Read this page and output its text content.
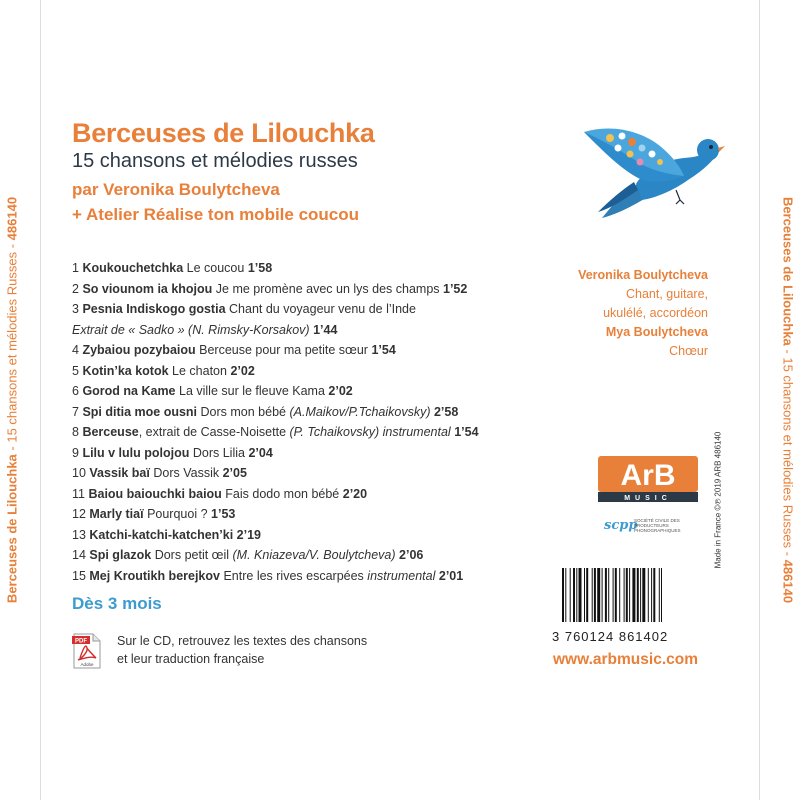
Berceuses de Lilouchka - 15 chansons et mélodies Russes - 486140	Berceuses de Lilouchka - 15 chansons et mélodies Russes - 486140
Berceuses de Lilouchka
15 chansons et mélodies russes
par Veronika Boulytcheva
+ Atelier Réalise ton mobile coucou
1 Koukouchetchka Le coucou 1’58
2 So viounom ia khojou Je me promène avec un lys des champs 1’52
3 Pesnia Indiskogo gostia Chant du voyageur venu de l’Inde
Extrait de « Sadko » (N. Rimsky-Korsakov) 1’44
4 Zybaiou pozybaiou Berceuse pour ma petite sœur 1’54
5 Kotin’ka kotok Le chaton 2’02
6 Gorod na Kame La ville sur le fleuve Kama 2’02
7 Spi ditia moe ousni Dors mon bébé (A.Maikov/P.Tchaikovsky) 2’58
8 Berceuse, extrait de Casse-Noisette (P. Tchaikovsky) instrumental 1’54
9 Lilu v lulu polojou Dors Lilia 2’04
10 Vassik baï Dors Vassik 2’05
11 Baiou baiouchki baiou Fais dodo mon bébé 2’20
12 Marly tiaï Pourquoi ? 1’53
13 Katchi-katchi-katchen’ki 2’19
14 Spi glazok Dors petit œil (M. Kniazeva/V. Boulytcheva) 2’06
15 Mej Kroutikh berejkov Entre les rives escarpées instrumental 2’01
Dès 3 mois
PDF
Adobe
Sur le CD, retrouvez les textes des chansons
et leur traduction française
Veronika Boulytcheva
Chant, guitare,
ukulélé, accordéon
Mya Boulytcheva
Chœur
ArB
MUSIC
scpp
SOCIÉTÉ CIVILE DES PRODUCTEURS PHONOGRAPHIQUES
3 760124 861402
Made in France ©℗ 2019 ARB 486140
www.arbmusic.com
